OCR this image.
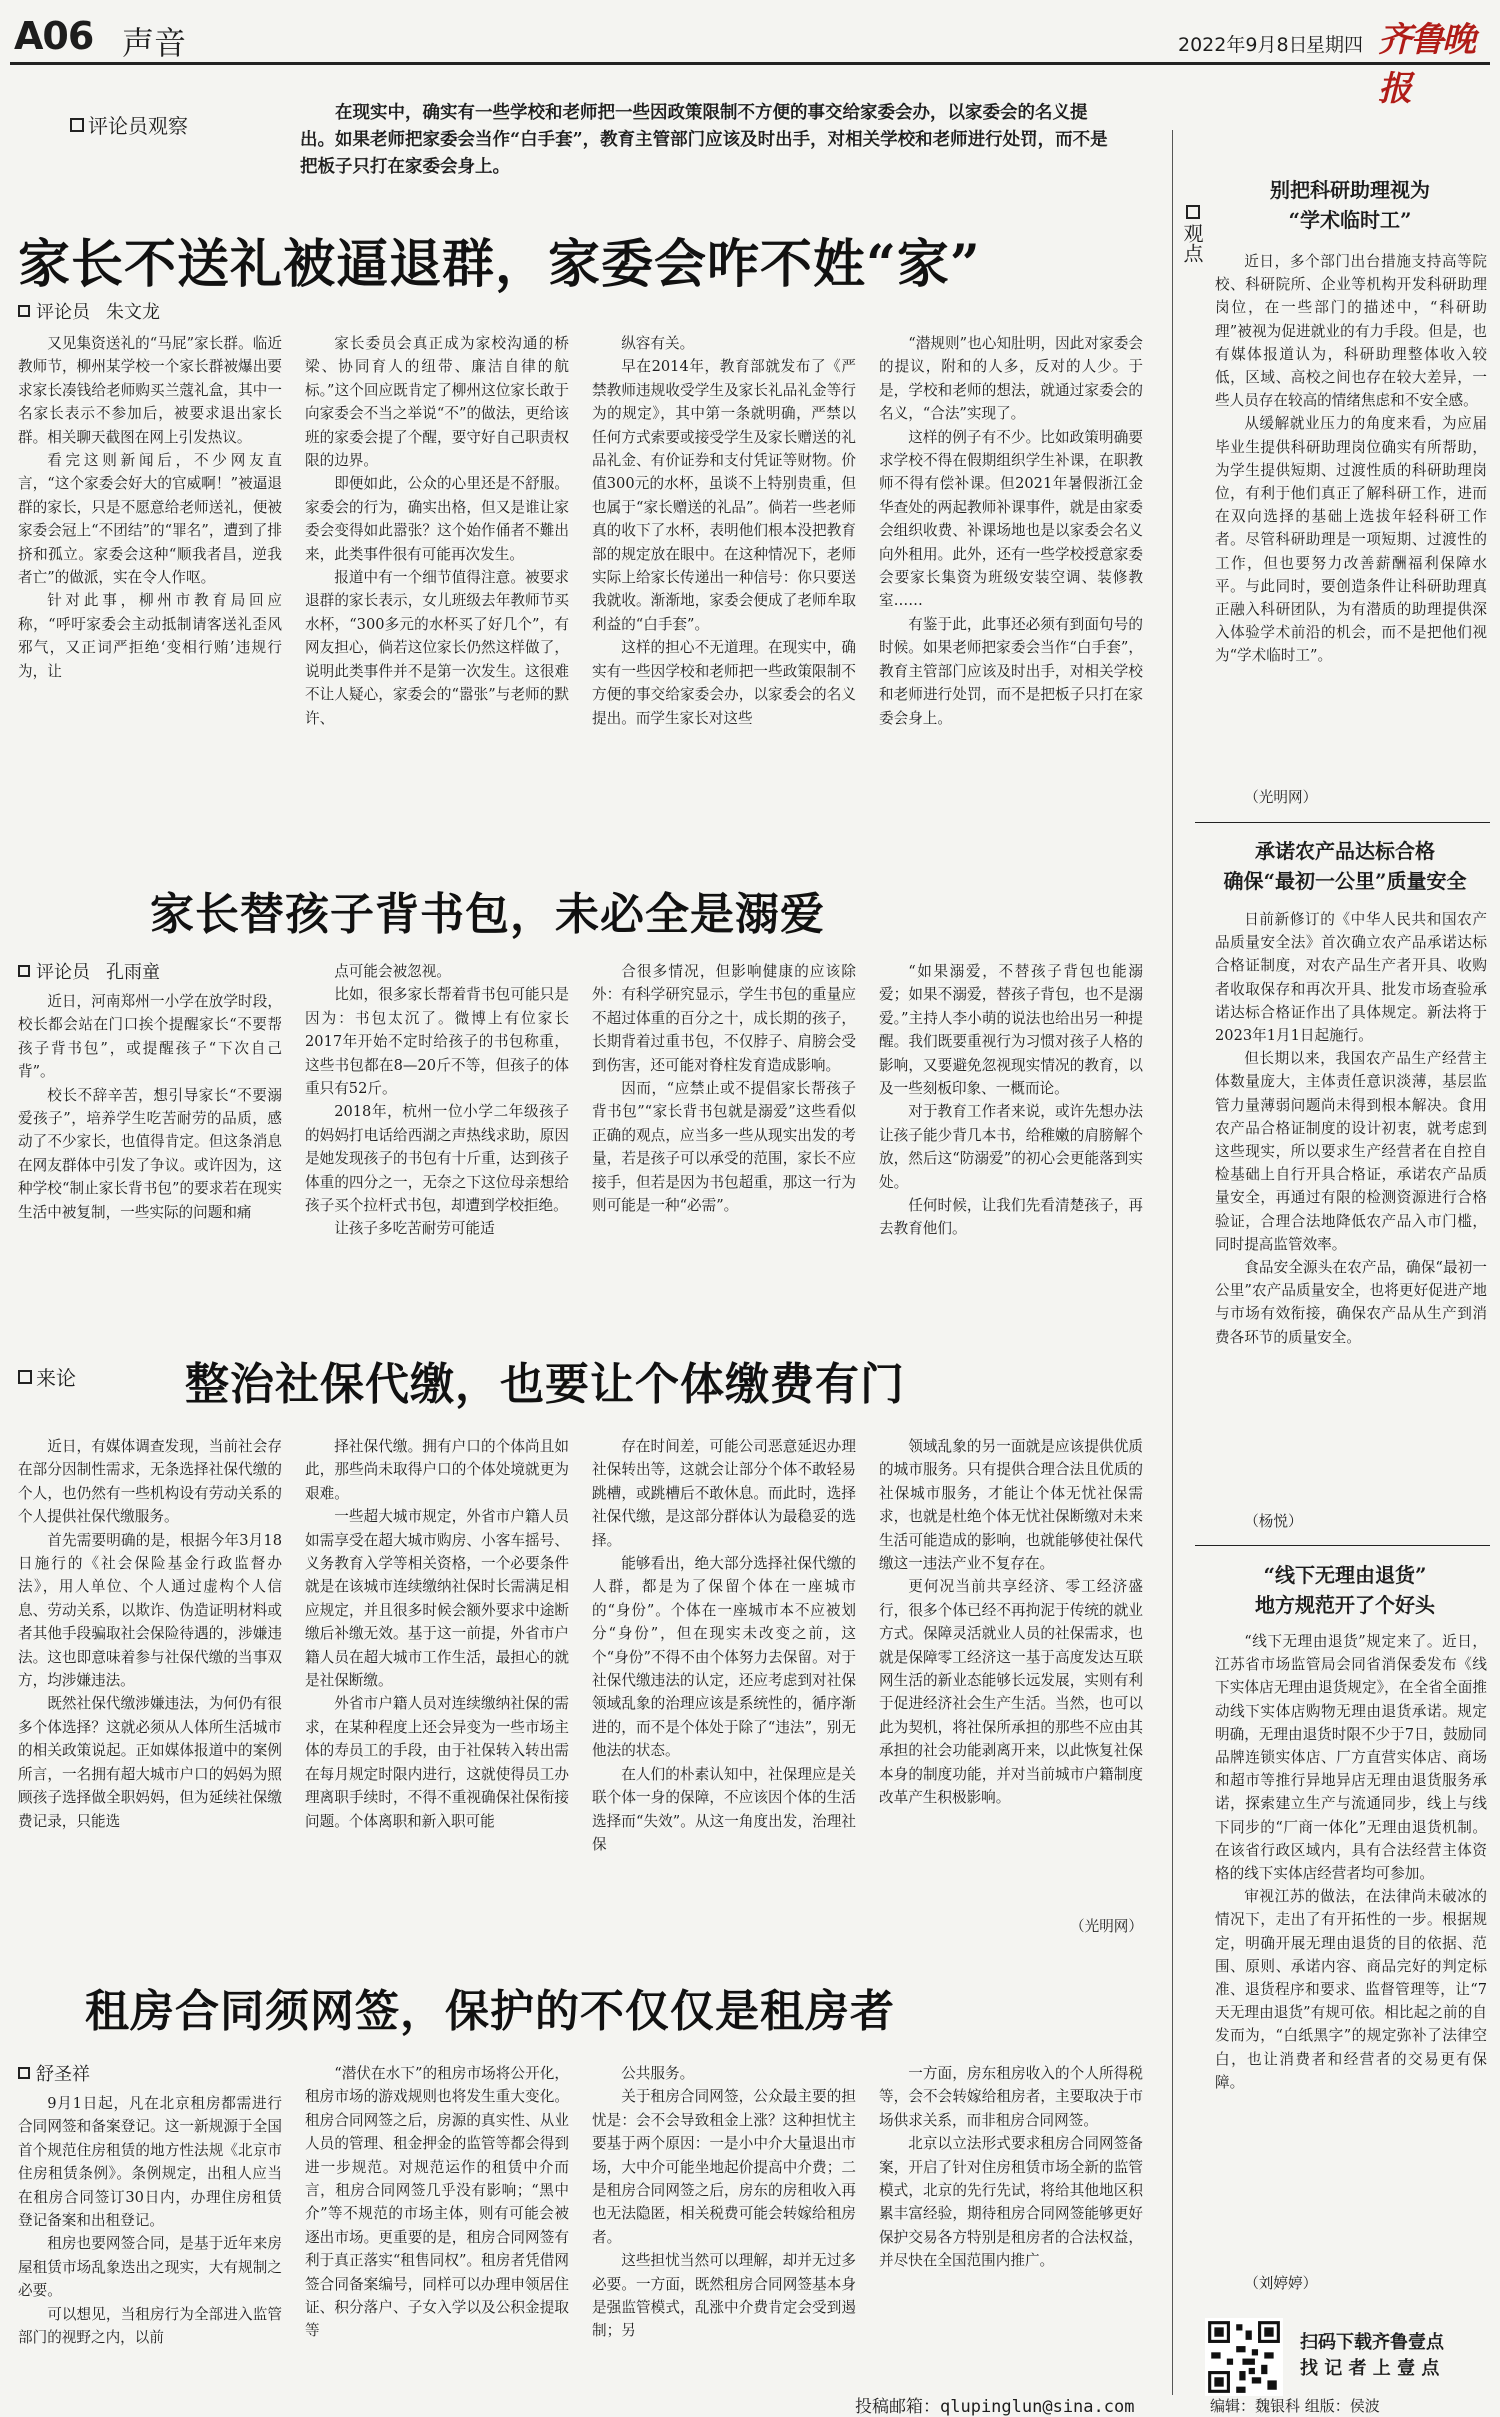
A06 声音	2022年9月8日
星期四 齐鲁晚报
评论员观察
在现实中，确实有一些学校和老师把一些因政策限制不方便的事交给家委会办，以家委会的名义提出。如果老师把家委会当作“白手套”，教育主管部门应该及时出手，对相关学校和老师进行处罚，而不是把板子只打在家委会身上。
家长不送礼被逼退群，家委会咋不姓“家”
评论员 朱文龙
又见集资送礼的“马屁”家长群。临近教师节，柳州某学校一个家长群被爆出要求家长凑钱给老师购买兰蔻礼盒，其中一名家长表示不参加后，被要求退出家长群。相关聊天截图在网上引发热议。
看完这则新闻后，不少网友直言，“这个家委会好大的官威啊！”被逼退群的家长，只是不愿意给老师送礼，便被家委会冠上“不团结”的“罪名”，遭到了排挤和孤立。家委会这种“顺我者昌，逆我者亡”的做派，实在令人作呕。
针对此事，柳州市教育局回应称，“呼吁家委会主动抵制请客送礼歪风邪气，又正词严拒绝‘变相行贿’违规行为，让
家长委员会真正成为家校沟通的桥梁、协同育人的纽带、廉洁自律的航标。”这个回应既肯定了柳州这位家长敢于向家委会不当之举说“不”的做法，更给该班的家委会提了个醒，要守好自己职责权限的边界。
即便如此，公众的心里还是不舒服。家委会的行为，确实出格，但又是谁让家委会变得如此嚣张？这个始作俑者不難出来，此类事件很有可能再次发生。
报道中有一个细节值得注意。被要求退群的家长表示，女儿班级去年教师节买水杯，“300多元的水杯买了好几个”，有网友担心，倘若这位家长仍然这样做了，说明此类事件并不是第一次发生。这很难不让人疑心，家委会的“嚣张”与老师的默许、
纵容有关。
早在2014年，教育部就发布了《严禁教师违规收受学生及家长礼品礼金等行为的规定》，其中第一条就明确，严禁以任何方式索要或接受学生及家长赠送的礼品礼金、有价证券和支付凭证等财物。价值300元的水杯，虽谈不上特别贵重，但也属于“家长赠送的礼品”。倘若一些老师真的收下了水杯，表明他们根本没把教育部的规定放在眼中。在这种情况下，老师实际上给家长传递出一种信号：你只要送我就收。渐渐地，家委会便成了老师牟取利益的“白手套”。
这样的担心不无道理。在现实中，确实有一些因学校和老师把一些政策限制不方便的事交给家委会办，以家委会的名义提出。而学生家长对这些
“潜规则”也心知肚明，因此对家委会的提议，附和的人多，反对的人少。于是，学校和老师的想法，就通过家委会的名义，“合法”实现了。
这样的例子有不少。比如政策明确要求学校不得在假期组织学生补课，在职教师不得有偿补课。但2021年暑假浙江金华查处的两起教师补课事件，就是由家委会组织收费、补课场地也是以家委会名义向外租用。此外，还有一些学校授意家委会要家长集资为班级安装空调、装修教室……
有鉴于此，此事还必须有到面句号的时候。如果老师把家委会当作“白手套”，教育主管部门应该及时出手，对相关学校和老师进行处罚，而不是把板子只打在家委会身上。
家长替孩子背书包，未必全是溺爱
评论员 孔雨童
近日，河南郑州一小学在放学时段，校长都会站在门口挨个提醒家长“不要帮孩子背书包”，或提醒孩子“下次自己背”。
校长不辞辛苦，想引导家长“不要溺爱孩子”，培养学生吃苦耐劳的品质，感动了不少家长，也值得肯定。但这条消息在网友群体中引发了争议。或许因为，这种学校“制止家长背书包”的要求若在现实生活中被复制，一些实际的问题和痛
点可能会被忽视。
比如，很多家长帮着背书包可能只是因为：书包太沉了。微博上有位家长2017年开始不定时给孩子的书包称重，这些书包都在8—20斤不等，但孩子的体重只有52斤。
2018年，杭州一位小学二年级孩子的妈妈打电话给西湖之声热线求助，原因是她发现孩子的书包有十斤重，达到孩子体重的四分之一，无奈之下这位母亲想给孩子买个拉杆式书包，却遭到学校拒绝。
让孩子多吃苦耐劳可能适
合很多情况，但影响健康的应该除外：有科学研究显示，学生书包的重量应不超过体重的百分之十，成长期的孩子，长期背着过重书包，不仅脖子、肩膀会受到伤害，还可能对脊柱发育造成影响。
因而，“应禁止或不提倡家长帮孩子背书包”“家长背书包就是溺爱”这些看似正确的观点，应当多一些从现实出发的考量，若是孩子可以承受的范围，家长不应接手，但若是因为书包超重，那这一行为则可能是一种“必需”。
“如果溺爱，不替孩子背包也能溺爱；如果不溺爱，替孩子背包，也不是溺爱。”主持人李小萌的说法也给出另一种提醒。我们既要重视行为习惯对孩子人格的影响，又要避免忽视现实情况的教育，以及一些刻板印象、一概而论。
对于教育工作者来说，或许先想办法让孩子能少背几本书，给稚嫩的肩膀解个放，然后这“防溺爱”的初心会更能落到实处。
任何时候，让我们先看清楚孩子，再去教育他们。
来论 整治社保代缴，也要让个体缴费有门
近日，有媒体调查发现，当前社会存在部分因制性需求，无条选择社保代缴的个人，也仍然有一些机构设有劳动关系的个人提供社保代缴服务。
首先需要明确的是，根据今年3月18日施行的《社会保险基金行政监督办法》，用人单位、个人通过虚构个人信息、劳动关系，以欺诈、伪造证明材料或者其他手段骗取社会保险待遇的，涉嫌违法。这也即意味着参与社保代缴的当事双方，均涉嫌违法。
既然社保代缴涉嫌违法，为何仍有很多个体选择？这就必须从人体所生活城市的相关政策说起。正如媒体报道中的案例所言，一名拥有超大城市户口的妈妈为照顾孩子选择做全职妈妈，但为延续社保缴费记录，只能选
择社保代缴。拥有户口的个体尚且如此，那些尚未取得户口的个体处境就更为艰难。
一些超大城市规定，外省市户籍人员如需享受在超大城市购房、小客车摇号、义务教育入学等相关资格，一个必要条件就是在该城市连续缴纳社保时长需满足相应规定，并且很多时候会额外要求中途断缴后补缴无效。基于这一前提，外省市户籍人员在超大城市工作生活，最担心的就是社保断缴。
外省市户籍人员对连续缴纳社保的需求，在某种程度上还会异变为一些市场主体的寿员工的手段，由于社保转入转出需在每月规定时限内进行，这就使得员工办理离职手续时，不得不重视确保社保衔接问题。个体离职和新入职可能
存在时间差，可能公司恶意延迟办理社保转出等，这就会让部分个体不敢轻易跳槽，或跳槽后不敢休息。而此时，选择社保代缴，是这部分群体认为最稳妥的选择。
能够看出，绝大部分选择社保代缴的人群，都是为了保留个体在一座城市的“身份”。个体在一座城市本不应被划分“身份”，但在现实未改变之前，这个“身份”不得不由个体努力去保留。对于社保代缴违法的认定，还应考虑到对社保领域乱象的治理应该是系统性的，循序渐进的，而不是个体处于除了“违法”，别无他法的状态。
在人们的朴素认知中，社保理应是关联个体一身的保障，不应该因个体的生活选择而“失效”。从这一角度出发，治理社保
领域乱象的另一面就是应该提供优质的城市服务。只有提供合理合法且优质的社保城市服务，才能让个体无忧社保需求，也就是杜绝个体无忧社保断缴对未来生活可能造成的影响，也就能够使社保代缴这一违法产业不复存在。
更何况当前共享经济、零工经济盛行，很多个体已经不再拘泥于传统的就业方式。保障灵活就业人员的社保需求，也就是保障零工经济这一基于高度发达互联网生活的新业态能够长远发展，实则有利于促进经济社会生产生活。当然，也可以此为契机，将社保所承担的那些不应由其承担的社会功能剥离开来，以此恢复社保本身的制度功能，并对当前城市户籍制度改革产生积极影响。
（光明网）
租房合同须网签，保护的不仅仅是租房者
舒圣祥
9月1日起，凡在北京租房都需进行合同网签和备案登记。这一新规源于全国首个规范住房租赁的地方性法规《北京市住房租赁条例》。条例规定，出租人应当在租房合同签订30日内，办理住房租赁登记备案和出租登记。
租房也要网签合同，是基于近年来房屋租赁市场乱象迭出之现实，大有规制之必要。
可以想见，当租房行为全部进入监管部门的视野之内，以前
“潜伏在水下”的租房市场将公开化，租房市场的游戏规则也将发生重大变化。租房合同网签之后，房源的真实性、从业人员的管理、租金押金的监管等都会得到进一步规范。对规范运作的租赁中介而言，租房合同网签几乎没有影响；“黑中介”等不规范的市场主体，则有可能会被逐出市场。更重要的是，租房合同网签有利于真正落实“租售同权”。租房者凭借网签合同备案编号，同样可以办理申领居住证、积分落户、子女入学以及公积金提取等
公共服务。
关于租房合同网签，公众最主要的担忧是：会不会导致租金上涨？这种担忧主要基于两个原因：一是小中介大量退出市场，大中介可能坐地起价提高中介费；二是租房合同网签之后，房东的房租收入再也无法隐匿，相关税费可能会转嫁给租房者。
这些担忧当然可以理解，却并无过多必要。一方面，既然租房合同网签基本身是强监管模式，乱涨中介费肯定会受到遏制；另
一方面，房东租房收入的个人所得税等，会不会转嫁给租房者，主要取决于市场供求关系，而非租房合同网签。
北京以立法形式要求租房合同网签备案，开启了针对住房租赁市场全新的监管模式，北京的先行先试，将给其他地区积累丰富经验，期待租房合同网签能够更好保护交易各方特别是租房者的合法权益，并尽快在全国范围内推广。
投稿邮箱：qlupinglun@sina.com
观点
别把科研助理视为
“学术临时工”
近日，多个部门出台措施支持高等院校、科研院所、企业等机构开发科研助理岗位，在一些部门的描述中，“科研助理”被视为促进就业的有力手段。但是，也有媒体报道认为，科研助理整体收入较低，区域、高校之间也存在较大差异，一些人员存在较高的情绪焦虑和不安全感。
从缓解就业压力的角度来看，为应届毕业生提供科研助理岗位确实有所帮助，为学生提供短期、过渡性质的科研助理岗位，有利于他们真正了解科研工作，进而在双向选择的基础上选拔年轻科研工作者。尽管科研助理是一项短期、过渡性的工作，但也要努力改善薪酬福利保障水平。与此同时，要创造条件让科研助理真正融入科研团队，为有潜质的助理提供深入体验学术前沿的机会，而不是把他们视为“学术临时工”。
（光明网）
承诺农产品达标合格
确保“最初一公里”质量安全
日前新修订的《中华人民共和国农产品质量安全法》首次确立农产品承诺达标合格证制度，对农产品生产者开具、收购者收取保存和再次开具、批发市场查验承诺达标合格证作出了具体规定。新法将于2023年1月1日起施行。
但长期以来，我国农产品生产经营主体数量庞大，主体责任意识淡薄，基层监管力量薄弱问题尚未得到根本解决。食用农产品合格证制度的设计初衷，就考虑到这些现实，所以要求生产经营者在自控自检基础上自行开具合格证，承诺农产品质量安全，再通过有限的检测资源进行合格验证，合理合法地降低农产品入市门槛，同时提高监管效率。
食品安全源头在农产品，确保“最初一公里”农产品质量安全，也将更好促进产地与市场有效衔接，确保农产品从生产到消费各环节的质量安全。
（杨悦）
“线下无理由退货”
地方规范开了个好头
“线下无理由退货”规定来了。近日，江苏省市场监管局会同省消保委发布《线下实体店无理由退货规定》，在全省全面推动线下实体店购物无理由退货承诺。规定明确，无理由退货时限不少于7日，鼓励同品牌连锁实体店、厂方直营实体店、商场和超市等推行异地异店无理由退货服务承诺，探索建立生产与流通同步，线上与线下同步的“厂商一体化”无理由退货机制。在该省行政区域内，具有合法经营主体资格的线下实体店经营者均可参加。
审视江苏的做法，在法律尚未破冰的情况下，走出了有开拓性的一步。根据规定，明确开展无理由退货的目的依据、范围、原则、承诺内容、商品完好的判定标准、退货程序和要求、监督管理等，让“7天无理由退货”有规可依。相比起之前的自发而为，“白纸黑字”的规定弥补了法律空白，也让消费者和经营者的交易更有保障。
（刘婷婷）
扫码下载齐鲁壹点
找 记 者 上 壹 点
编辑：魏银科 组版：侯波
